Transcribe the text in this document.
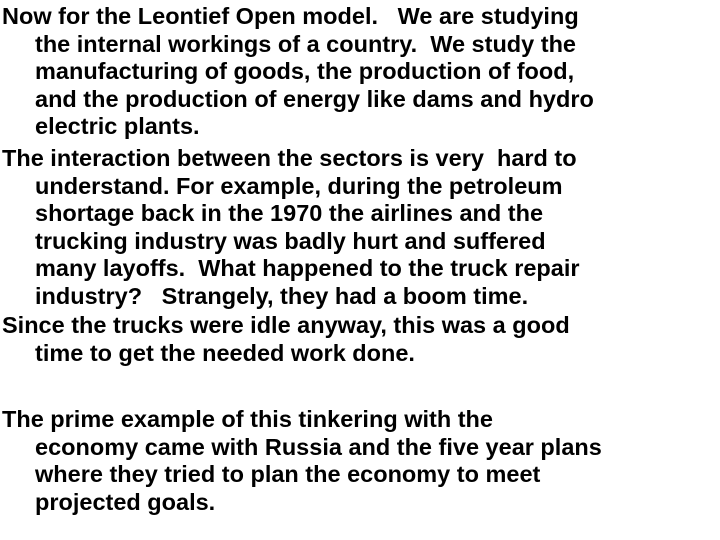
Now for the Leontief Open model.   We are studying
the internal workings of a country.  We study the
manufacturing of goods, the production of food,
and the production of energy like dams and hydro
electric plants.

The interaction between the sectors is very  hard to
understand. For example, during the petroleum
shortage back in the 1970 the airlines and the
trucking industry was badly hurt and suffered
many layoffs.  What happened to the truck repair
industry?   Strangely, they had a boom time.

Since the trucks were idle anyway, this was a good
time to get the needed work done.

The prime example of this tinkering with the
economy came with Russia and the five year plans
where they tried to plan the economy to meet
projected goals.
